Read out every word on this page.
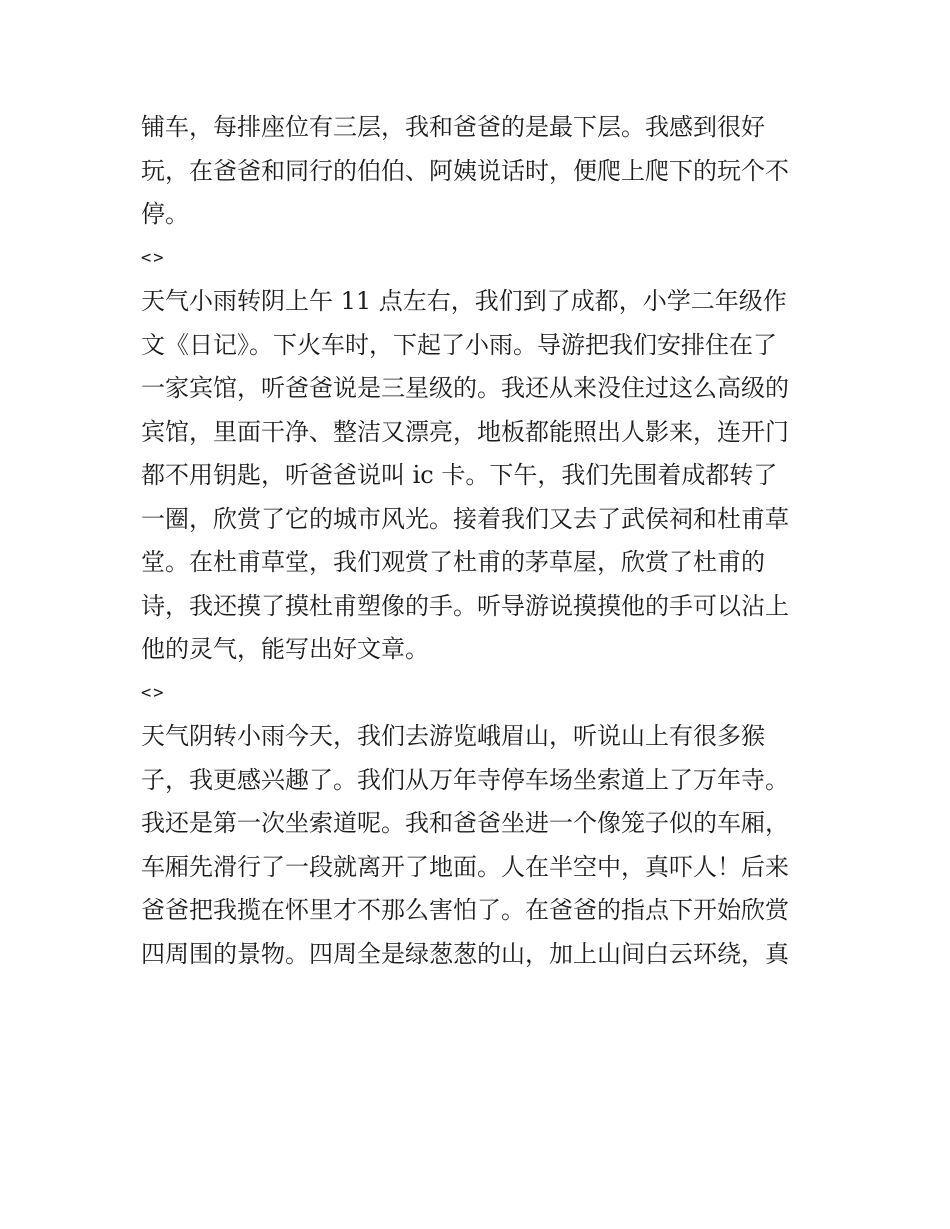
铺车，每排座位有三层，我和爸爸的是最下层。我感到很好
玩，在爸爸和同行的伯伯、阿姨说话时，便爬上爬下的玩个不
停。
<>
天气小雨转阴上午 11 点左右，我们到了成都，小学二年级作
文《日记》。下火车时，下起了小雨。导游把我们安排住在了
一家宾馆，听爸爸说是三星级的。我还从来没住过这么高级的
宾馆，里面干净、整洁又漂亮，地板都能照出人影来，连开门
都不用钥匙，听爸爸说叫 ic 卡。下午，我们先围着成都转了
一圈，欣赏了它的城市风光。接着我们又去了武侯祠和杜甫草
堂。在杜甫草堂，我们观赏了杜甫的茅草屋，欣赏了杜甫的
诗，我还摸了摸杜甫塑像的手。听导游说摸摸他的手可以沾上
他的灵气，能写出好文章。
<>
天气阴转小雨今天，我们去游览峨眉山，听说山上有很多猴
子，我更感兴趣了。我们从万年寺停车场坐索道上了万年寺。
我还是第一次坐索道呢。我和爸爸坐进一个像笼子似的车厢，
车厢先滑行了一段就离开了地面。人在半空中，真吓人！后来
爸爸把我揽在怀里才不那么害怕了。在爸爸的指点下开始欣赏
四周围的景物。四周全是绿葱葱的山，加上山间白云环绕，真
